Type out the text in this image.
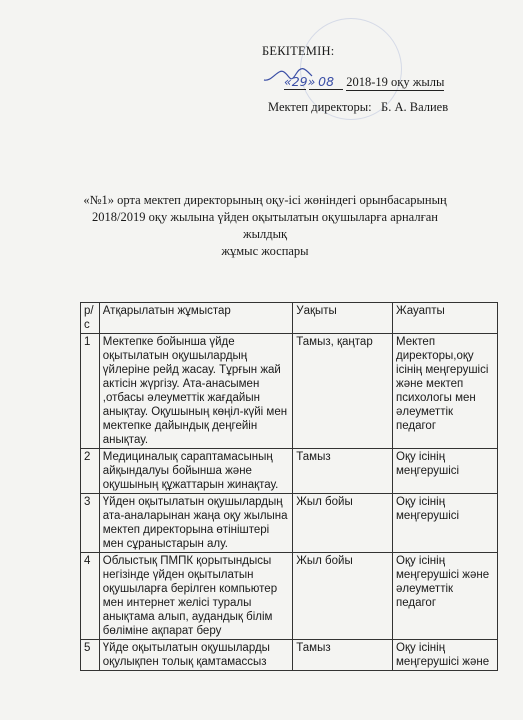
БЕКІТЕМІН:
«29» 08 2018-19 оқу жылы
Мектеп директоры: Б. А. Валиев
«№1» орта мектеп директорының оқу-ісі жөніндегі орынбасарының
2018/2019 оқу жылына үйден оқытылатын оқушыларға арналған жылдық
жұмыс жоспары
р/с	Атқарылатын жұмыстар	Уақыты	Жауапты
1	Мектепке бойынша үйде оқытылатын оқушылардың үйлеріне рейд жасау. Тұрғын жай актісін жүргізу. Ата-анасымен ,отбасы әлеуметтік жағдайын анықтау. Оқушының көңіл-күйі мен мектепке дайындық деңгейін анықтау.	Тамыз, қаңтар	Мектеп директоры,оқу ісінің меңгерушісі және мектеп психологы мен әлеуметтік педагог
2	Медициналық сараптамасының айқындалуы бойынша және оқушының құжаттарын жинақтау.	Тамыз	Оқу ісінің меңгерушісі
3	Үйден оқытылатын оқушылардың ата-аналарынан жаңа оқу жылына мектеп директорына өтініштері мен сұраныстарын алу.	Жыл бойы	Оқу ісінің меңгерушісі
4	Облыстық ПМПК қорытындысы негізінде үйден оқытылатын оқушыларға берілген компьютер мен интернет желісі туралы анықтама алып, аудандық білім бөліміне ақпарат беру	Жыл бойы	Оқу ісінің меңгерушісі және әлеуметтік педагог
5	Үйде оқытылатын оқушыларды оқулықпен толық қамтамассыз	Тамыз	Оқу ісінің меңгерушісі және
